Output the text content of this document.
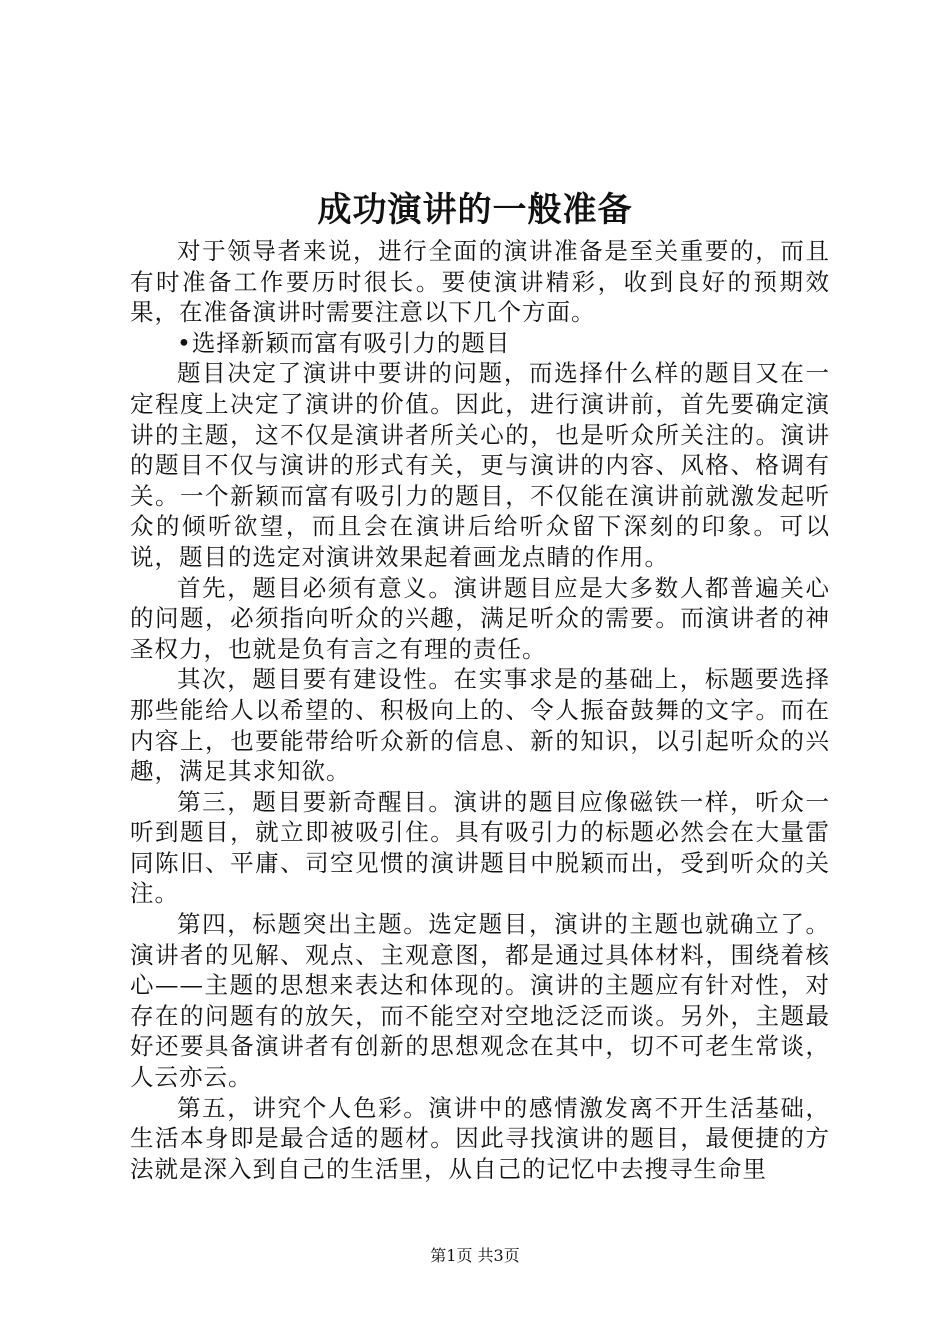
成功演讲的一般准备

对于领导者来说，进行全面的演讲准备是至关重要的，而且有时准备工作要历时很长。要使演讲精彩，收到良好的预期效果，在准备演讲时需要注意以下几个方面。

•选择新颖而富有吸引力的题目

题目决定了演讲中要讲的问题，而选择什么样的题目又在一定程度上决定了演讲的价值。因此，进行演讲前，首先要确定演讲的主题，这不仅是演讲者所关心的，也是听众所关注的。演讲的题目不仅与演讲的形式有关，更与演讲的内容、风格、格调有关。一个新颖而富有吸引力的题目，不仅能在演讲前就激发起听众的倾听欲望，而且会在演讲后给听众留下深刻的印象。可以说，题目的选定对演讲效果起着画龙点睛的作用。

首先，题目必须有意义。演讲题目应是大多数人都普遍关心的问题，必须指向听众的兴趣，满足听众的需要。而演讲者的神圣权力，也就是负有言之有理的责任。

其次，题目要有建设性。在实事求是的基础上，标题要选择那些能给人以希望的、积极向上的、令人振奋鼓舞的文字。而在内容上，也要能带给听众新的信息、新的知识，以引起听众的兴趣，满足其求知欲。

第三，题目要新奇醒目。演讲的题目应像磁铁一样，听众一听到题目，就立即被吸引住。具有吸引力的标题必然会在大量雷同陈旧、平庸、司空见惯的演讲题目中脱颖而出，受到听众的关注。

第四，标题突出主题。选定题目，演讲的主题也就确立了。演讲者的见解、观点、主观意图，都是通过具体材料，围绕着核心——主题的思想来表达和体现的。演讲的主题应有针对性，对存在的问题有的放矢，而不能空对空地泛泛而谈。另外，主题最好还要具备演讲者有创新的思想观念在其中，切不可老生常谈，人云亦云。

第五，讲究个人色彩。演讲中的感情激发离不开生活基础，生活本身即是最合适的题材。因此寻找演讲的题目，最便捷的方法就是深入到自己的生活里，从自己的记忆中去搜寻生命里

第1页 共3页
